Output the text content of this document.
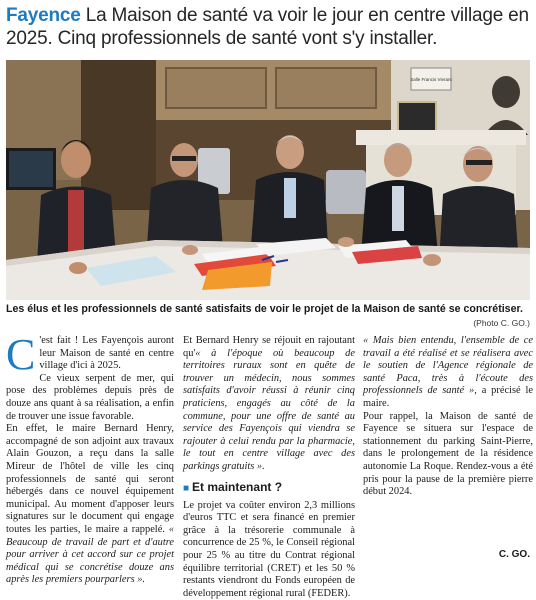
Fayence La Maison de santé va voir le jour en centre village en 2025. Cinq professionnels de santé vont s'y installer.
Salle Francis Vierant
Les élus et les professionnels de santé satisfaits de voir le projet de la Maison de santé se concrétiser.
(Photo C. GO.)

C 'est fait ! Les Fayençois auront leur Maison de santé en centre village d'ici à 2025.

Ce vieux serpent de mer, qui pose des problèmes depuis près de douze ans quant à sa réalisation, a enfin de trouver une issue favorable.

En effet, le maire Bernard Henry, accompagné de son adjoint aux travaux Alain Gouzon, a reçu dans la salle Mireur de l'hôtel de ville les cinq professionnels de santé qui seront hébergés dans ce nouvel équipement municipal. Au moment d'apposer leurs signatures sur le document qui engage toutes les parties, le maire a rappelé. « Beaucoup de travail de part et d'autre pour arriver à cet accord sur ce projet médical qui se concrétise douze ans après les premiers pourparlers ».

Et Bernard Henry se réjouit en rajoutant qu'« à l'époque où beaucoup de territoires ruraux sont en quête de trouver un médecin, nous sommes satisfaits d'avoir réussi à réunir cinq praticiens, engagés au côté de la commune, pour une offre de santé au service des Fayençois qui viendra se rajouter à celui rendu par la pharmacie, le tout en centre village avec des parkings gratuits ».

■ Et maintenant ?

Le projet va coûter environ 2,3 millions d'euros TTC et sera financé en premier grâce à la trésorerie communale à concurrence de 25 %, le Conseil régional pour 25 % au titre du Contrat régional équilibre territorial (CRET) et les 50 % restants viendront du Fonds européen de développement régional rural (FEDER).

« Mais bien entendu, l'ensemble de ce travail a été réalisé et se réalisera avec le soutien de l'Agence régionale de santé Paca, très à l'écoute des professionnels de santé », a précisé le maire.

Pour rappel, la Maison de santé de Fayence se situera sur l'espace de stationnement du parking Saint-Pierre, dans le prolongement de la résidence autonomie La Roque. Rendez-vous a été pris pour la pause de la première pierre début 2024.

C. GO.
